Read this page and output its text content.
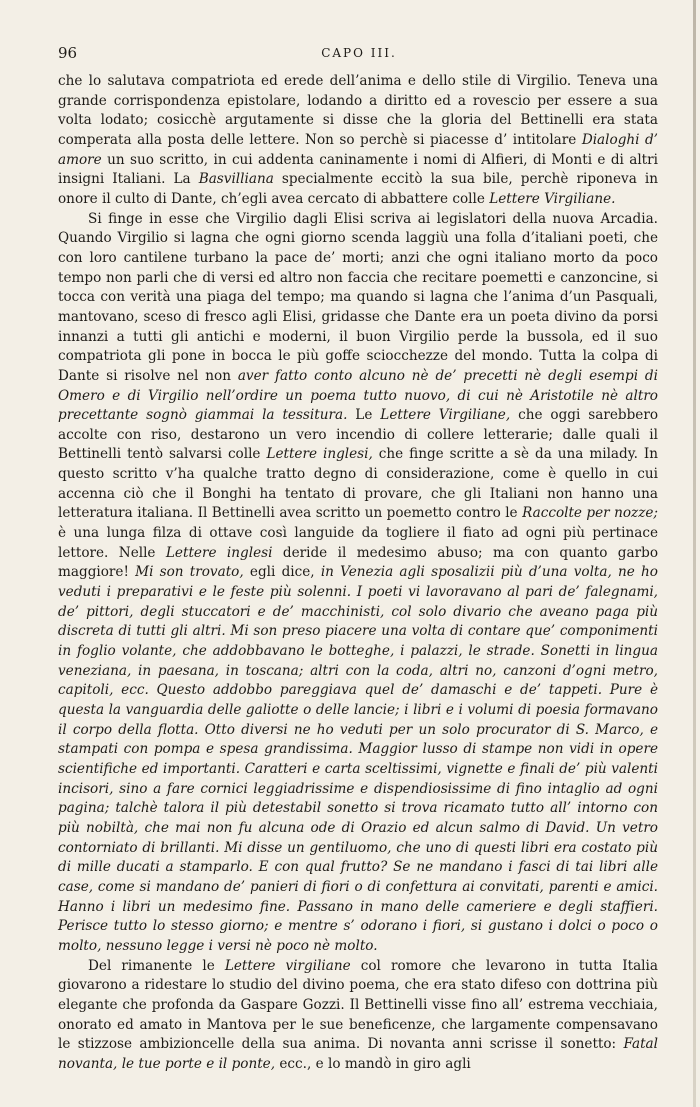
96	CAPO III.

che lo salutava compatriota ed erede dell’anima e dello stile di Virgilio. Teneva una grande corrispondenza epistolare, lodando a diritto ed a rovescio per essere a sua volta lodato; cosicchè argutamente si disse che la gloria del Bettinelli era stata comperata alla posta delle lettere. Non so perchè si piacesse d’ intitolare Dialoghi d’ amore un suo scritto, in cui addenta caninamente i nomi di Alfieri, di Monti e di altri insigni Italiani. La Basvilliana specialmente eccitò la sua bile, perchè riponeva in onore il culto di Dante, ch’egli avea cercato di abbattere colle Lettere Virgiliane.

Si finge in esse che Virgilio dagli Elisi scriva ai legislatori della nuova Arcadia. Quando Virgilio si lagna che ogni giorno scenda laggiù una folla d’italiani poeti, che con loro cantilene turbano la pace de’ morti; anzi che ogni italiano morto da poco tempo non parli che di versi ed altro non faccia che recitare poemetti e canzoncine, si tocca con verità una piaga del tempo; ma quando si lagna che l’anima d’un Pasquali, mantovano, sceso di fresco agli Elisi, gridasse che Dante era un poeta divino da porsi innanzi a tutti gli antichi e moderni, il buon Virgilio perde la bussola, ed il suo compatriota gli pone in bocca le più goffe sciocchezze del mondo. Tutta la colpa di Dante si risolve nel non aver fatto conto alcuno nè de’ precetti nè degli esempi di Omero e di Virgilio nell’ordire un poema tutto nuovo, di cui nè Aristotile nè altro precettante sognò giammai la tessitura. Le Lettere Virgiliane, che oggi sarebbero accolte con riso, destarono un vero incendio di collere letterarie; dalle quali il Bettinelli tentò salvarsi colle Lettere inglesi, che finge scritte a sè da una milady. In questo scritto v’ha qualche tratto degno di considerazione, come è quello in cui accenna ciò che il Bonghi ha tentato di provare, che gli Italiani non hanno una letteratura italiana. Il Bettinelli avea scritto un poemetto contro le Raccolte per nozze; è una lunga filza di ottave così languide da togliere il fiato ad ogni più pertinace lettore. Nelle Lettere inglesi deride il medesimo abuso; ma con quanto garbo maggiore! Mi son trovato, egli dice, in Venezia agli sposalizii più d’una volta, ne ho veduti i preparativi e le feste più solenni. I poeti vi lavoravano al pari de’ falegnami, de’ pittori, degli stuccatori e de’ macchinisti, col solo divario che aveano paga più discreta di tutti gli altri. Mi son preso piacere una volta di contare que’ componimenti in foglio volante, che addobbavano le botteghe, i palazzi, le strade. Sonetti in lingua veneziana, in paesana, in toscana; altri con la coda, altri no, canzoni d’ogni metro, capitoli, ecc. Questo addobbo pareggiava quel de’ damaschi e de’ tappeti. Pure è questa la vanguardia delle galiotte o delle lancie; i libri e i volumi di poesia formavano il corpo della flotta. Otto diversi ne ho veduti per un solo procurator di S. Marco, e stampati con pompa e spesa grandissima. Maggior lusso di stampe non vidi in opere scientifiche ed importanti. Caratteri e carta sceltissimi, vignette e finali de’ più valenti incisori, sino a fare cornici leggiadrissime e dispendiosissime di fino intaglio ad ogni pagina; talchè talora il più detestabil sonetto si trova ricamato tutto all’ intorno con più nobiltà, che mai non fu alcuna ode di Orazio ed alcun salmo di David. Un vetro contorniato di brillanti. Mi disse un gentiluomo, che uno di questi libri era costato più di mille ducati a stamparlo. E con qual frutto? Se ne mandano i fasci di tai libri alle case, come si mandano de’ panieri di fiori o di confettura ai convitati, parenti e amici. Hanno i libri un medesimo fine. Passano in mano delle cameriere e degli staffieri. Perisce tutto lo stesso giorno; e mentre s’ odorano i fiori, si gustano i dolci o poco o molto, nessuno legge i versi nè poco nè molto.

Del rimanente le Lettere virgiliane col romore che levarono in tutta Italia giovarono a ridestare lo studio del divino poema, che era stato difeso con dottrina più elegante che profonda da Gaspare Gozzi. Il Bettinelli visse fino all’ estrema vecchiaia, onorato ed amato in Mantova per le sue beneficenze, che largamente compensavano le stizzose ambizioncelle della sua anima. Di novanta anni scrisse il sonetto: Fatal novanta, le tue porte e il ponte, ecc., e lo mandò in giro agli
